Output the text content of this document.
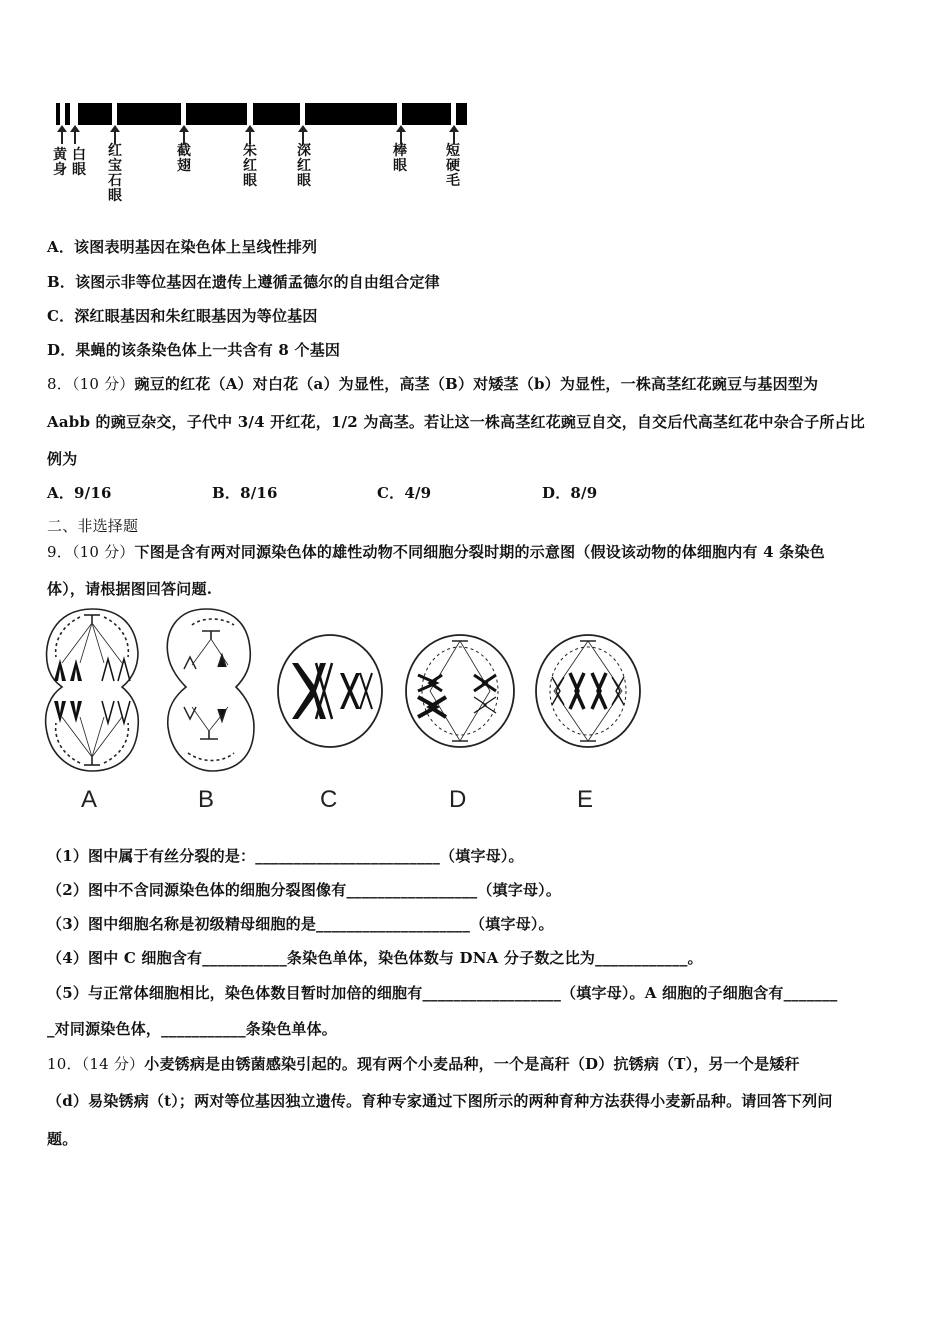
黄
身
白
眼
红
宝
石
眼
截
翅
朱
红
眼
深
红
眼
棒
眼
短
硬
毛
A．该图表明基因在染色体上呈线性排列
B．该图示非等位基因在遗传上遵循孟德尔的自由组合定律
C．深红眼基因和朱红眼基因为等位基因
D．果蝇的该条染色体上一共含有 8 个基因
8．（10 分）豌豆的红花（A）对白花（a）为显性，高茎（B）对矮茎（b）为显性，一株高茎红花豌豆与基因型为
Aabb 的豌豆杂交，子代中 3/4 开红花，1/2 为高茎。若让这一株高茎红花豌豆自交，自交后代高茎红花中杂合子所占比
例为
A．9/16	B．8/16	C．4/9	D．8/9
二、非选择题
9．（10 分）下图是含有两对同源染色体的雄性动物不同细胞分裂时期的示意图（假设该动物的体细胞内有 4 条染色
体），请根据图回答问题.
A	B	C	D	E
（1）图中属于有丝分裂的是：________________________（填字母）。
（2）图中不含同源染色体的细胞分裂图像有_________________（填字母）。
（3）图中细胞名称是初级精母细胞的是____________________（填字母）。
（4）图中 C 细胞含有___________条染色单体，染色体数与 DNA 分子数之比为____________。
（5）与正常体细胞相比，染色体数目暂时加倍的细胞有__________________（填字母）。A 细胞的子细胞含有_______
_对同源染色体，___________条染色单体。
10．（14 分）小麦锈病是由锈菌感染引起的。现有两个小麦品种，一个是高秆（D）抗锈病（T），另一个是矮秆
（d）易染锈病（t）；两对等位基因独立遗传。育种专家通过下图所示的两种育种方法获得小麦新品种。请回答下列问
题。
